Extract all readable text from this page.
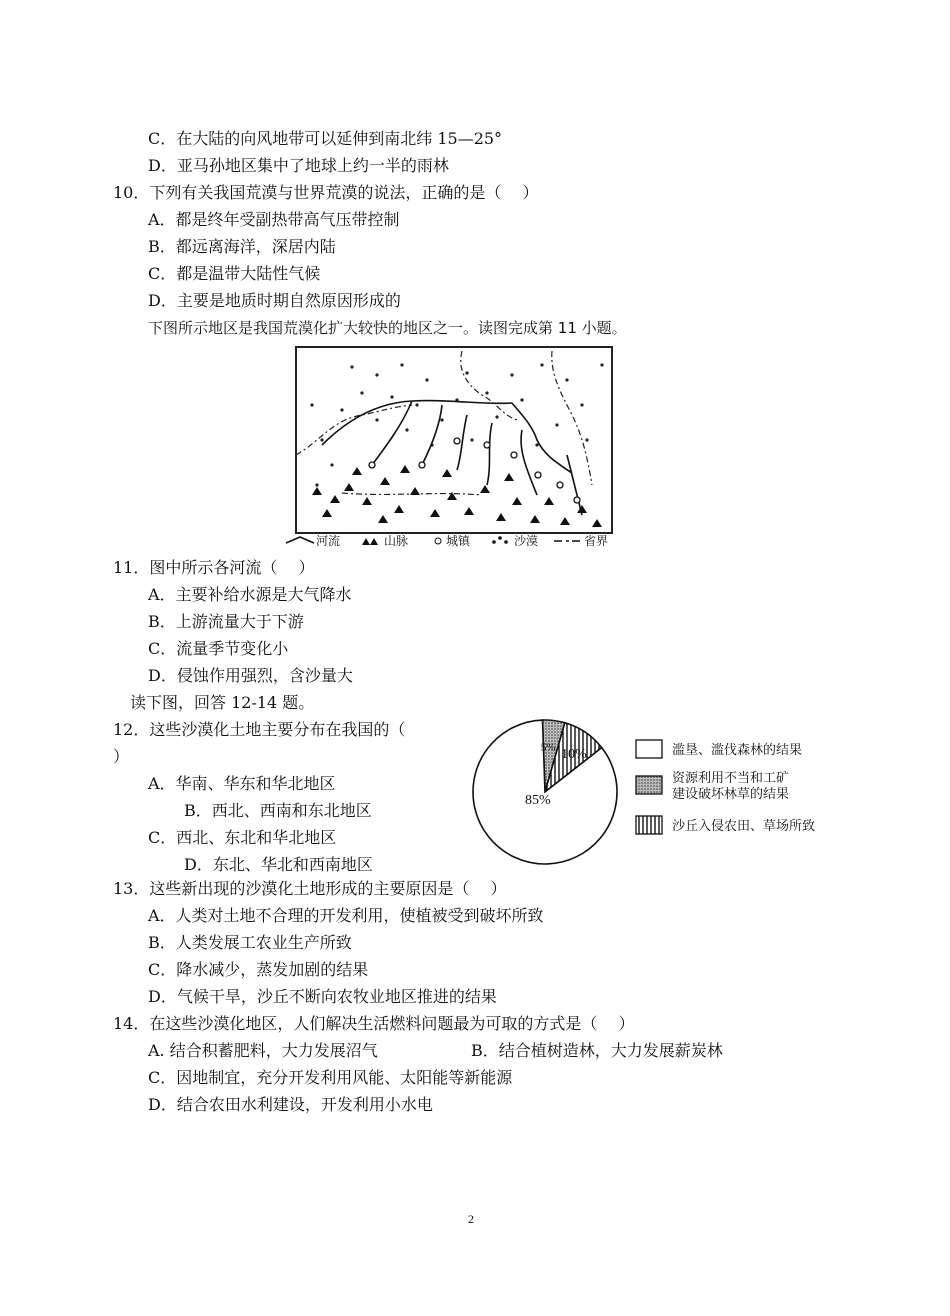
C．在大陆的向风地带可以延伸到南北纬 15—25°
D．亚马孙地区集中了地球上约一半的雨林
10．下列有关我国荒漠与世界荒漠的说法，正确的是（　 ）
A．都是终年受副热带高气压带控制
B．都远离海洋，深居内陆
C．都是温带大陆性气候
D．主要是地质时期自然原因形成的
下图所示地区是我国荒漠化扩大较快的地区之一。读图完成第 11 小题。
河流	山脉	城镇	沙漠	省界
11．图中所示各河流（　 ）
A．主要补给水源是大气降水
B．上游流量大于下游
C．流量季节变化小
D．侵蚀作用强烈，含沙量大
读下图，回答 12-14 题。
12．这些沙漠化土地主要分布在我国的（
）
A．华南、华东和华北地区
B．西北、西南和东北地区
C．西北、东北和华北地区
D．东北、华北和西南地区
5% 10%
85%
滥垦、滥伐森林的结果
资源利用不当和工矿
建设破坏林草的结果
沙丘入侵农田、草场所致
13．这些新出现的沙漠化土地形成的主要原因是（　 ）
A．人类对土地不合理的开发利用，使植被受到破坏所致
B．人类发展工农业生产所致
C．降水减少，蒸发加剧的结果
D．气候干旱，沙丘不断向农牧业地区推进的结果
14．在这些沙漠化地区，人们解决生活燃料问题最为可取的方式是（　 ）
A. 结合积蓄肥料，大力发展沼气	B．结合植树造林，大力发展薪炭林
C．因地制宜，充分开发利用风能、太阳能等新能源
D．结合农田水利建设，开发利用小水电
2
